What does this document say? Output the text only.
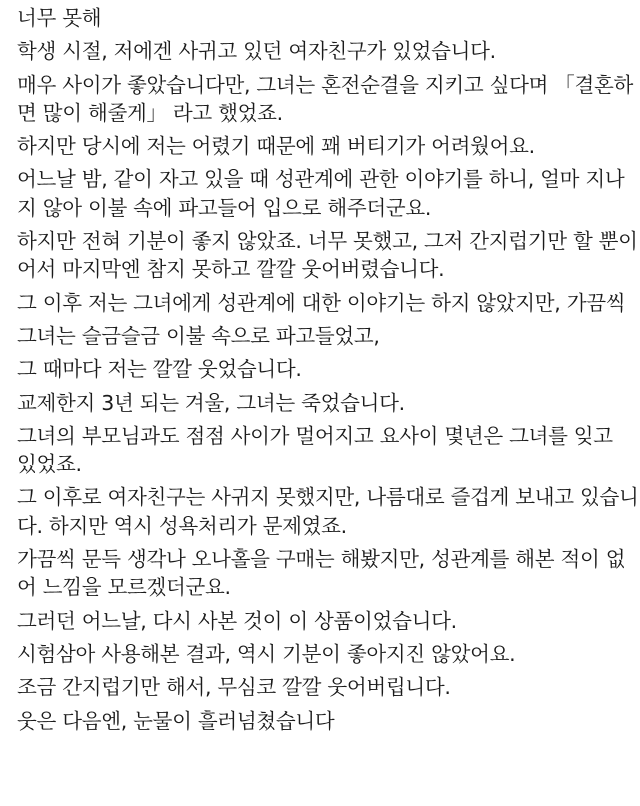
너무 못해
학생 시절, 저에겐 사귀고 있던 여자친구가 있었습니다.
매우 사이가 좋았습니다만, 그녀는 혼전순결을 지키고 싶다며 「결혼하
면 많이 해줄게」 라고 했었죠.
하지만 당시에 저는 어렸기 때문에 꽤 버티기가 어려웠어요.
어느날 밤, 같이 자고 있을 때 성관계에 관한 이야기를 하니, 얼마 지나
지 않아 이불 속에 파고들어 입으로 해주더군요.
하지만 전혀 기분이 좋지 않았죠. 너무 못했고, 그저 간지럽기만 할 뿐이
어서 마지막엔 참지 못하고 깔깔 웃어버렸습니다.
그 이후 저는 그녀에게 성관계에 대한 이야기는 하지 않았지만, 가끔씩
그녀는 슬금슬금 이불 속으로 파고들었고,
그 때마다 저는 깔깔 웃었습니다.
교제한지 3년 되는 겨울, 그녀는 죽었습니다.
그녀의 부모님과도 점점 사이가 멀어지고 요사이 몇년은 그녀를 잊고
있었죠.
그 이후로 여자친구는 사귀지 못했지만, 나름대로 즐겁게 보내고 있습니
다. 하지만 역시 성욕처리가 문제였죠.
가끔씩 문득 생각나 오나홀을 구매는 해봤지만, 성관계를 해본 적이 없
어 느낌을 모르겠더군요.
그러던 어느날, 다시 사본 것이 이 상품이었습니다.
시험삼아 사용해본 결과, 역시 기분이 좋아지진 않았어요.
조금 간지럽기만 해서, 무심코 깔깔 웃어버립니다.
웃은 다음엔, 눈물이 흘러넘쳤습니다
